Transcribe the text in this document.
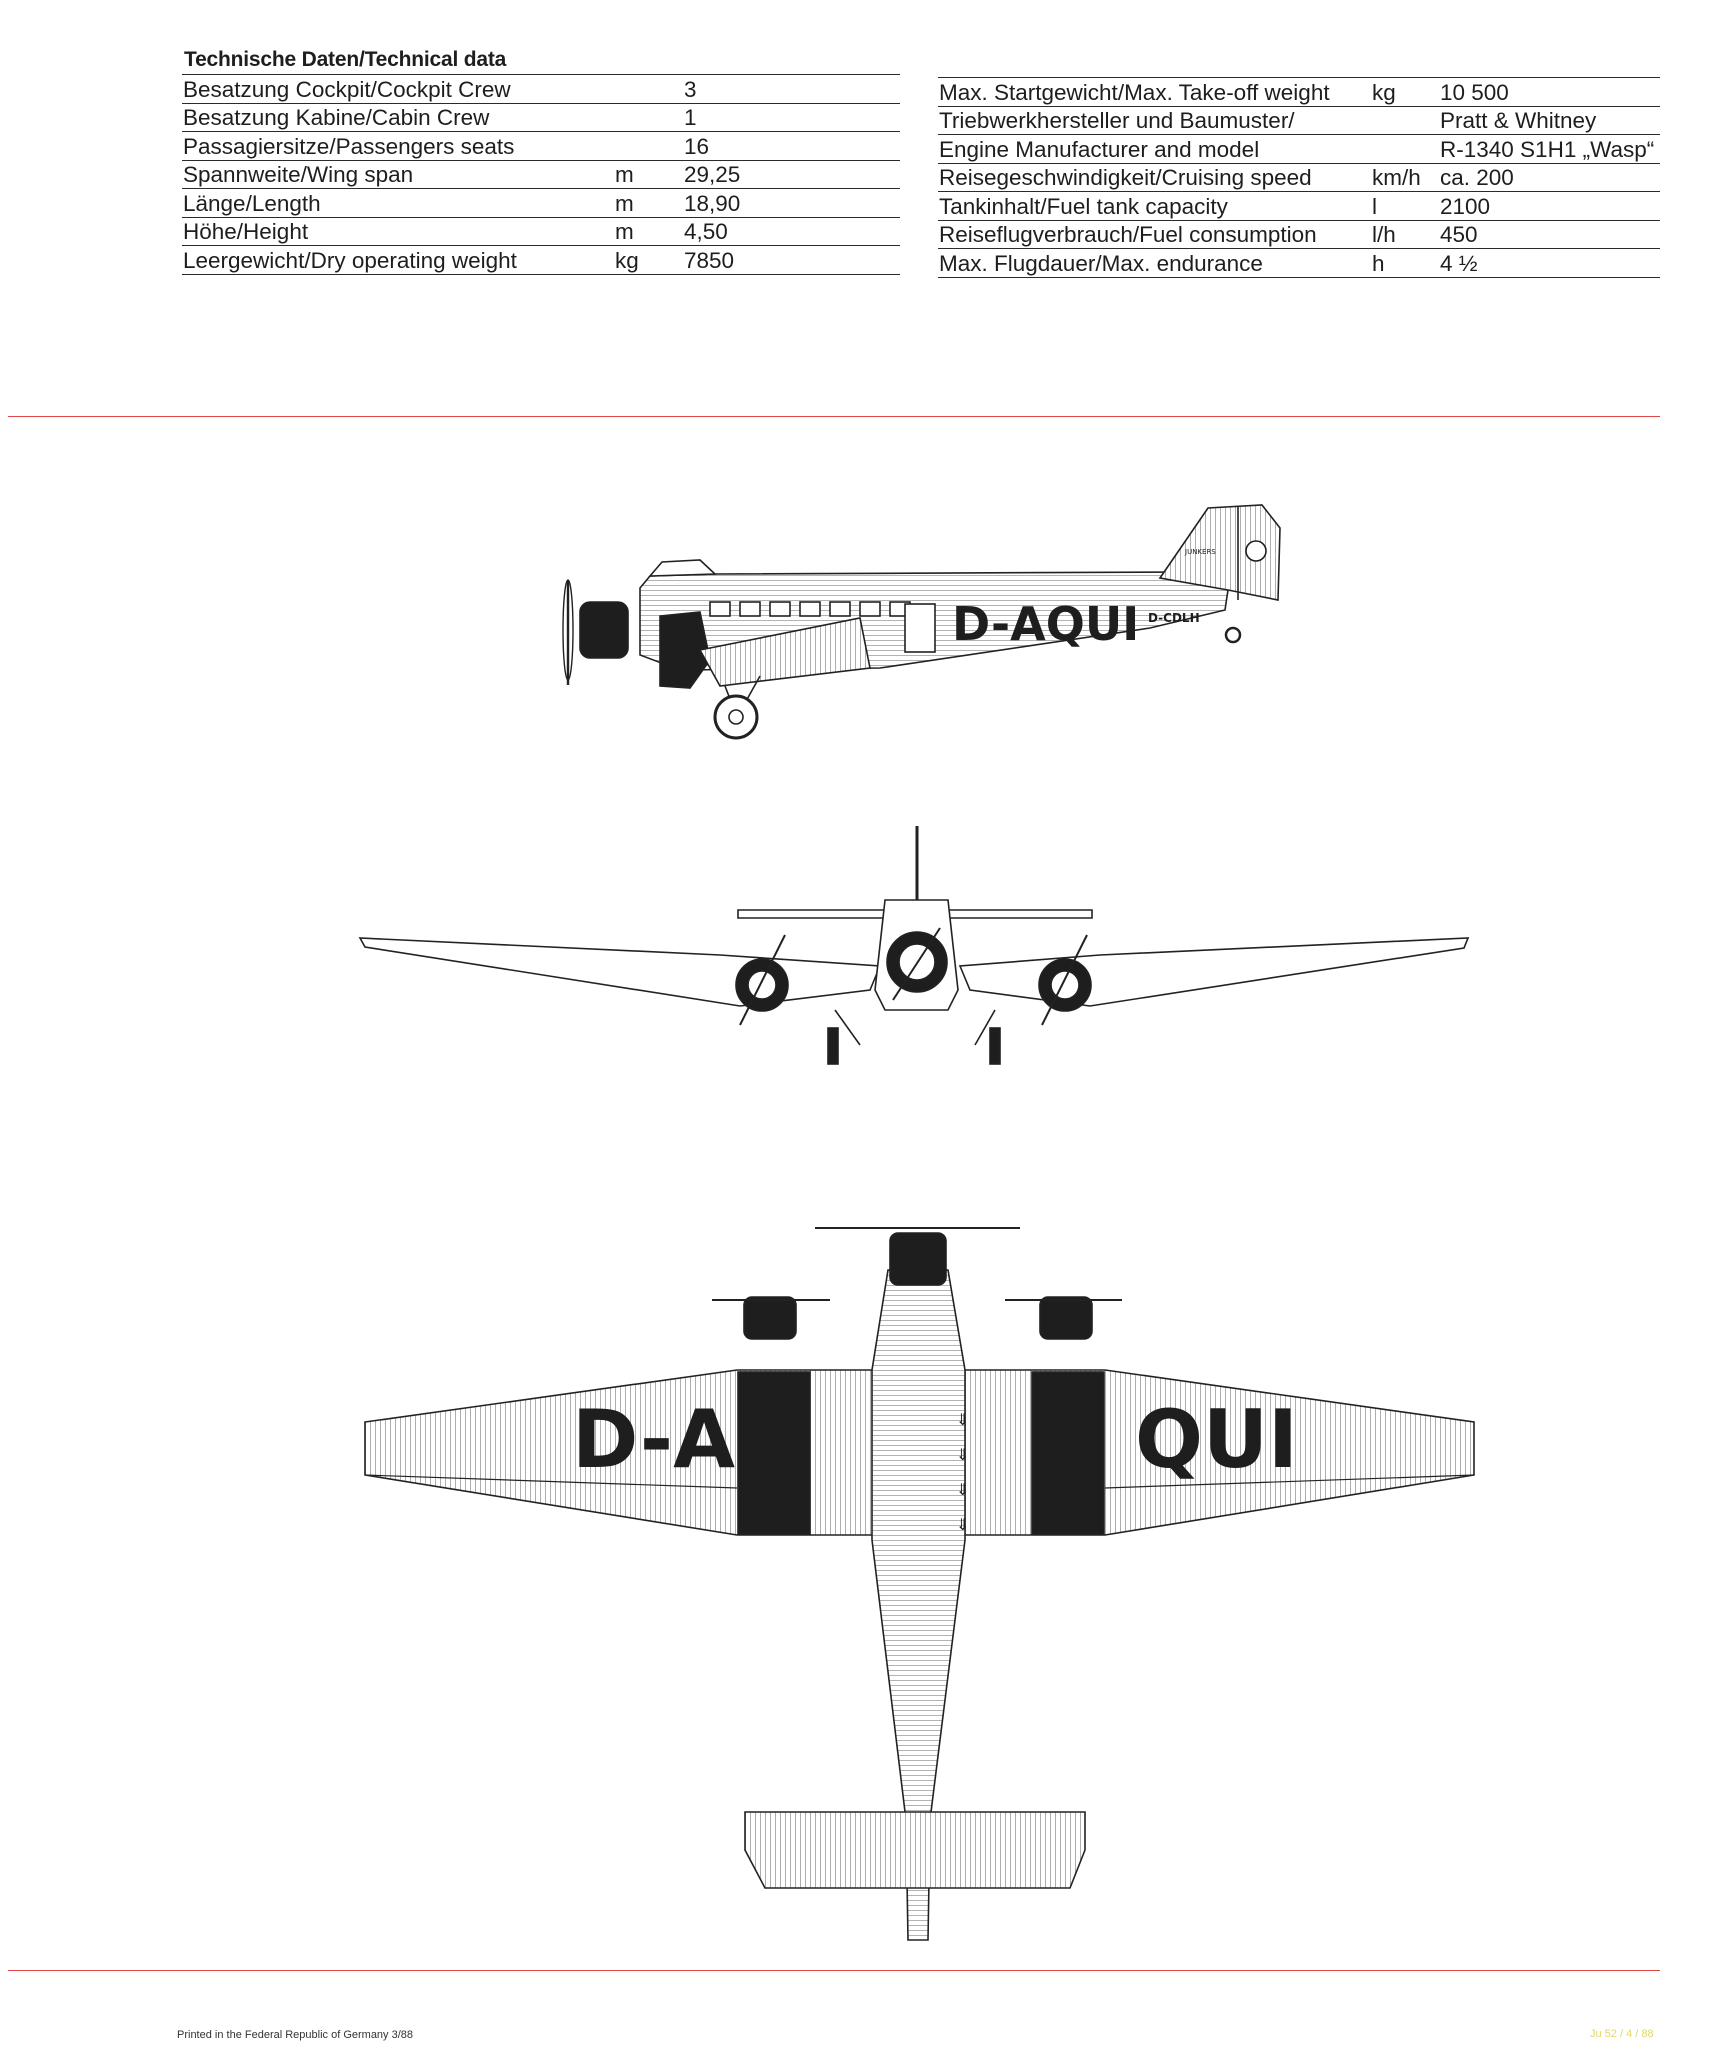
Technische Daten/Technical data
Besatzung Cockpit/Cockpit Crew		3
Besatzung Kabine/Cabin Crew		1
Passagiersitze/Passengers seats		16
Spannweite/Wing span	m	29,25
Länge/Length	m	18,90
Höhe/Height	m	4,50
Leergewicht/Dry operating weight	kg	7850
Max. Startgewicht/Max. Take-off weight	kg	10 500
Triebwerkhersteller und Baumuster/		Pratt & Whitney
Engine Manufacturer and model		R-1340 S1H1 „Wasp“
Reisegeschwindigkeit/Cruising speed	km/h	ca. 200
Tankinhalt/Fuel tank capacity	l	2100
Reiseflugverbrauch/Fuel consumption	l/h	450
Max. Flugdauer/Max. endurance	h	4 ½
D-AQUI
JUNKERS
D-CDLH
LUFTHANSA
⇓
⇓
⇓
⇓
D-A	QUI
Printed in the Federal Republic of Germany 3/88	Ju 52 / 4 / 88
